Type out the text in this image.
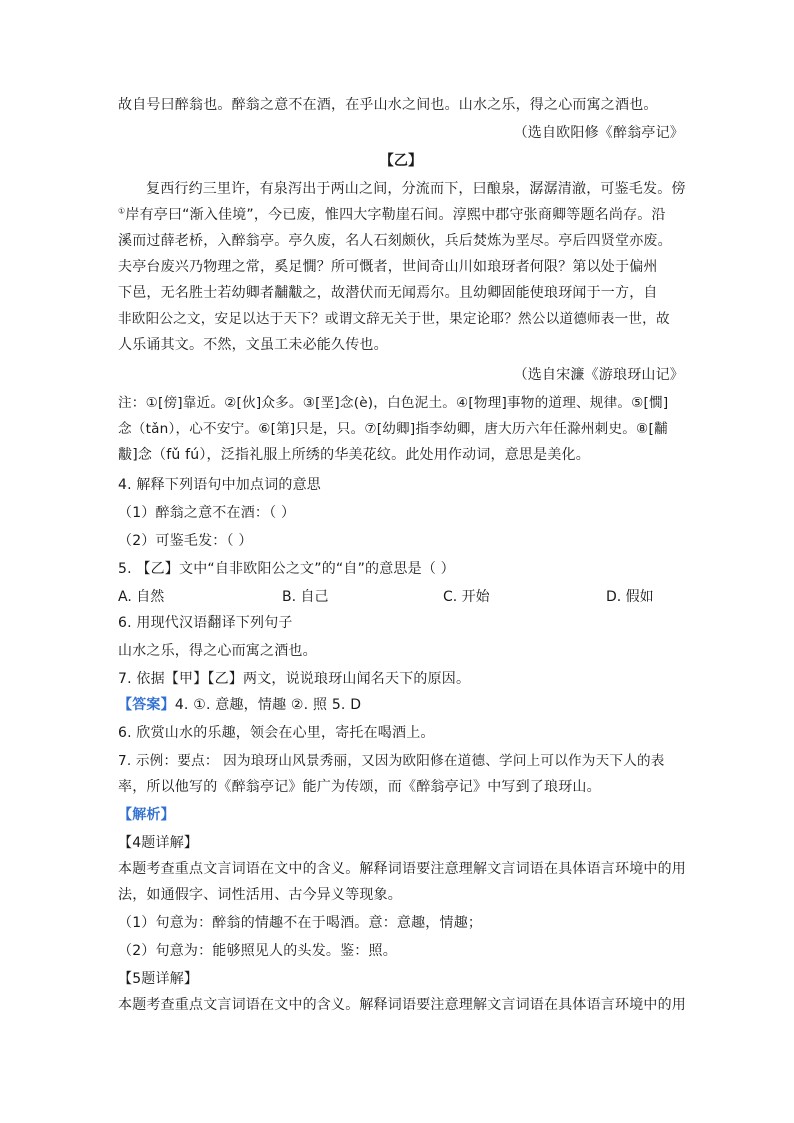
故自号曰醉翁也。醉翁之意不在酒，在乎山水之间也。山水之乐，得之心而寓之酒也。
（选自欧阳修《醉翁亭记》
【乙】
复西行约三里许，有泉泻出于两山之间，分流而下，曰酿泉，潺潺清澈，可鉴毛发。傍
①岸有亭曰“渐入佳境”，今已废，惟四大字勒崖石间。淳熙中郡守张商卿等题名尚存。沿
溪而过薛老桥，入醉翁亭。亭久废，名人石刻颇伙，兵后焚炼为垩尽。亭后四贤堂亦废。
夫亭台废兴乃物理之常，奚足憪？所可慨者，世间奇山川如琅玡者何限？第以处于偏州
下邑，无名胜士若幼卿者黼黻之，故潜伏而无闻焉尔。且幼卿固能使琅玡闻于一方，自
非欧阳公之文，安足以达于天下？或谓文辞无关于世，果定论耶？然公以道德师表一世，故
人乐诵其文。不然，文虽工未必能久传也。
（选自宋濂《游琅玡山记》
注：①[傍]靠近。②[伙]众多。③[垩]念(è)，白色泥土。④[物理]事物的道理、规律。⑤[憪]
念（tǎn），心不安宁。⑥[第]只是，只。⑦[幼卿]指李幼卿，唐大历六年任滁州刺史。⑧[黼
黻]念（fǔ fú），泛指礼服上所绣的华美花纹。此处用作动词，意思是美化。
4. 解释下列语句中加点词的意思
（1）醉翁之意不在酒：（ ）
（2）可鉴毛发：（ ）
5. 【乙】文中“自非欧阳公之文”的“自”的意思是（ ）
A. 自然	B. 自己	C. 开始	D. 假如
6. 用现代汉语翻译下列句子
山水之乐，得之心而寓之酒也。
7. 依据【甲】【乙】两文，说说琅玡山闻名天下的原因。
【答案】4. ①. 意趣，情趣 ②. 照 5. D
6. 欣赏山水的乐趣，领会在心里，寄托在喝酒上。
7. 示例：要点： 因为琅玡山风景秀丽，又因为欧阳修在道德、学问上可以作为天下人的表
率，所以他写的《醉翁亭记》能广为传颂，而《醉翁亭记》中写到了琅玡山。
【解析】
【4题详解】
本题考查重点文言词语在文中的含义。解释词语要注意理解文言词语在具体语言环境中的用
法，如通假字、词性活用、古今异义等现象。
（1）句意为：醉翁的情趣不在于喝酒。意：意趣，情趣；
（2）句意为：能够照见人的头发。鉴：照。
【5题详解】
本题考查重点文言词语在文中的含义。解释词语要注意理解文言词语在具体语言环境中的用
